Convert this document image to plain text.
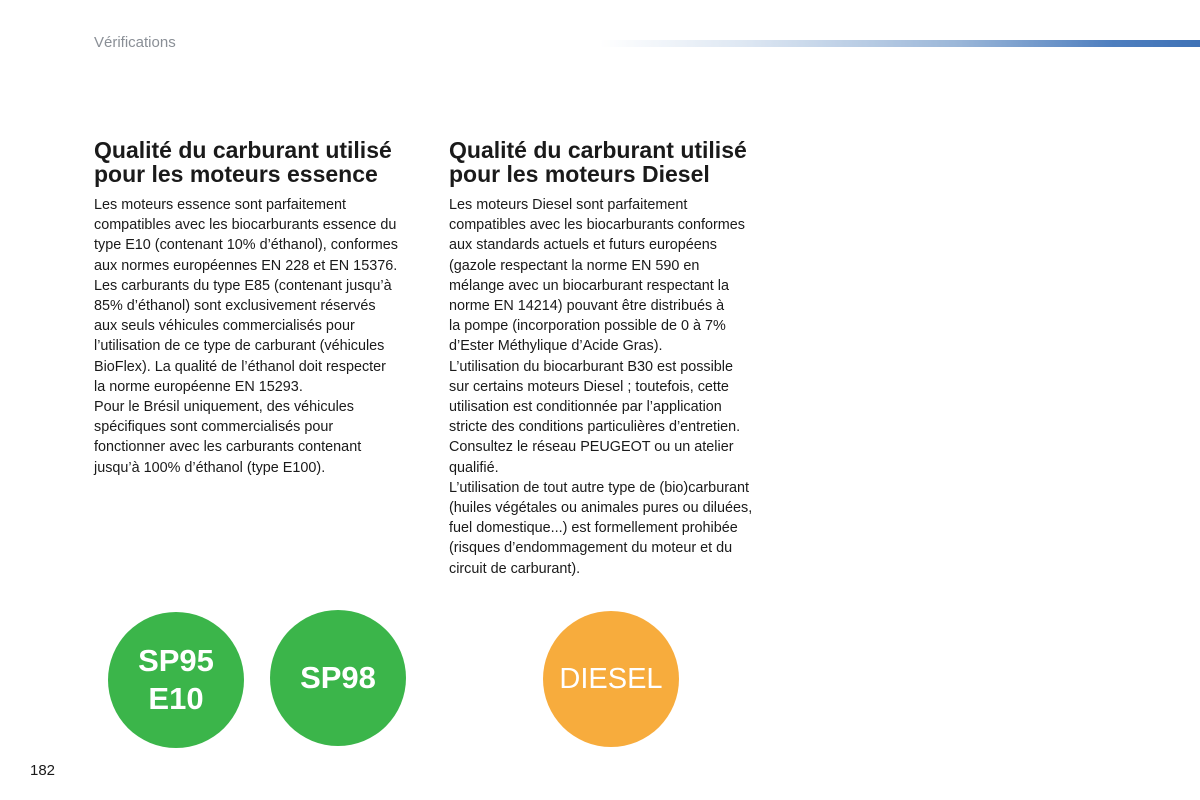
Vérifications
Qualité du carburant utilisé
pour les moteurs essence
Les moteurs essence sont parfaitement
compatibles avec les biocarburants essence du
type E10 (contenant 10% d’éthanol), conformes
aux normes européennes EN 228 et EN 15376.
Les carburants du type E85 (contenant jusqu’à
85% d’éthanol) sont exclusivement réservés
aux seuls véhicules commercialisés pour
l’utilisation de ce type de carburant (véhicules
BioFlex). La qualité de l’éthanol doit respecter
la norme européenne EN 15293.
Pour le Brésil uniquement, des véhicules
spécifiques sont commercialisés pour
fonctionner avec les carburants contenant
jusqu’à 100% d’éthanol (type E100).
Qualité du carburant utilisé
pour les moteurs Diesel
Les moteurs Diesel sont parfaitement
compatibles avec les biocarburants conformes
aux standards actuels et futurs européens
(gazole respectant la norme EN 590 en
mélange avec un biocarburant respectant la
norme EN 14214) pouvant être distribués à
la pompe (incorporation possible de 0 à 7%
d’Ester Méthylique d’Acide Gras).
L’utilisation du biocarburant B30 est possible
sur certains moteurs Diesel ; toutefois, cette
utilisation est conditionnée par l’application
stricte des conditions particulières d’entretien.
Consultez le réseau PEUGEOT ou un atelier
qualifié.
L’utilisation de tout autre type de (bio)carburant
(huiles végétales ou animales pures ou diluées,
fuel domestique...) est formellement prohibée
(risques d’endommagement du moteur et du
circuit de carburant).
SP95
E10
SP98	DIESEL
182
